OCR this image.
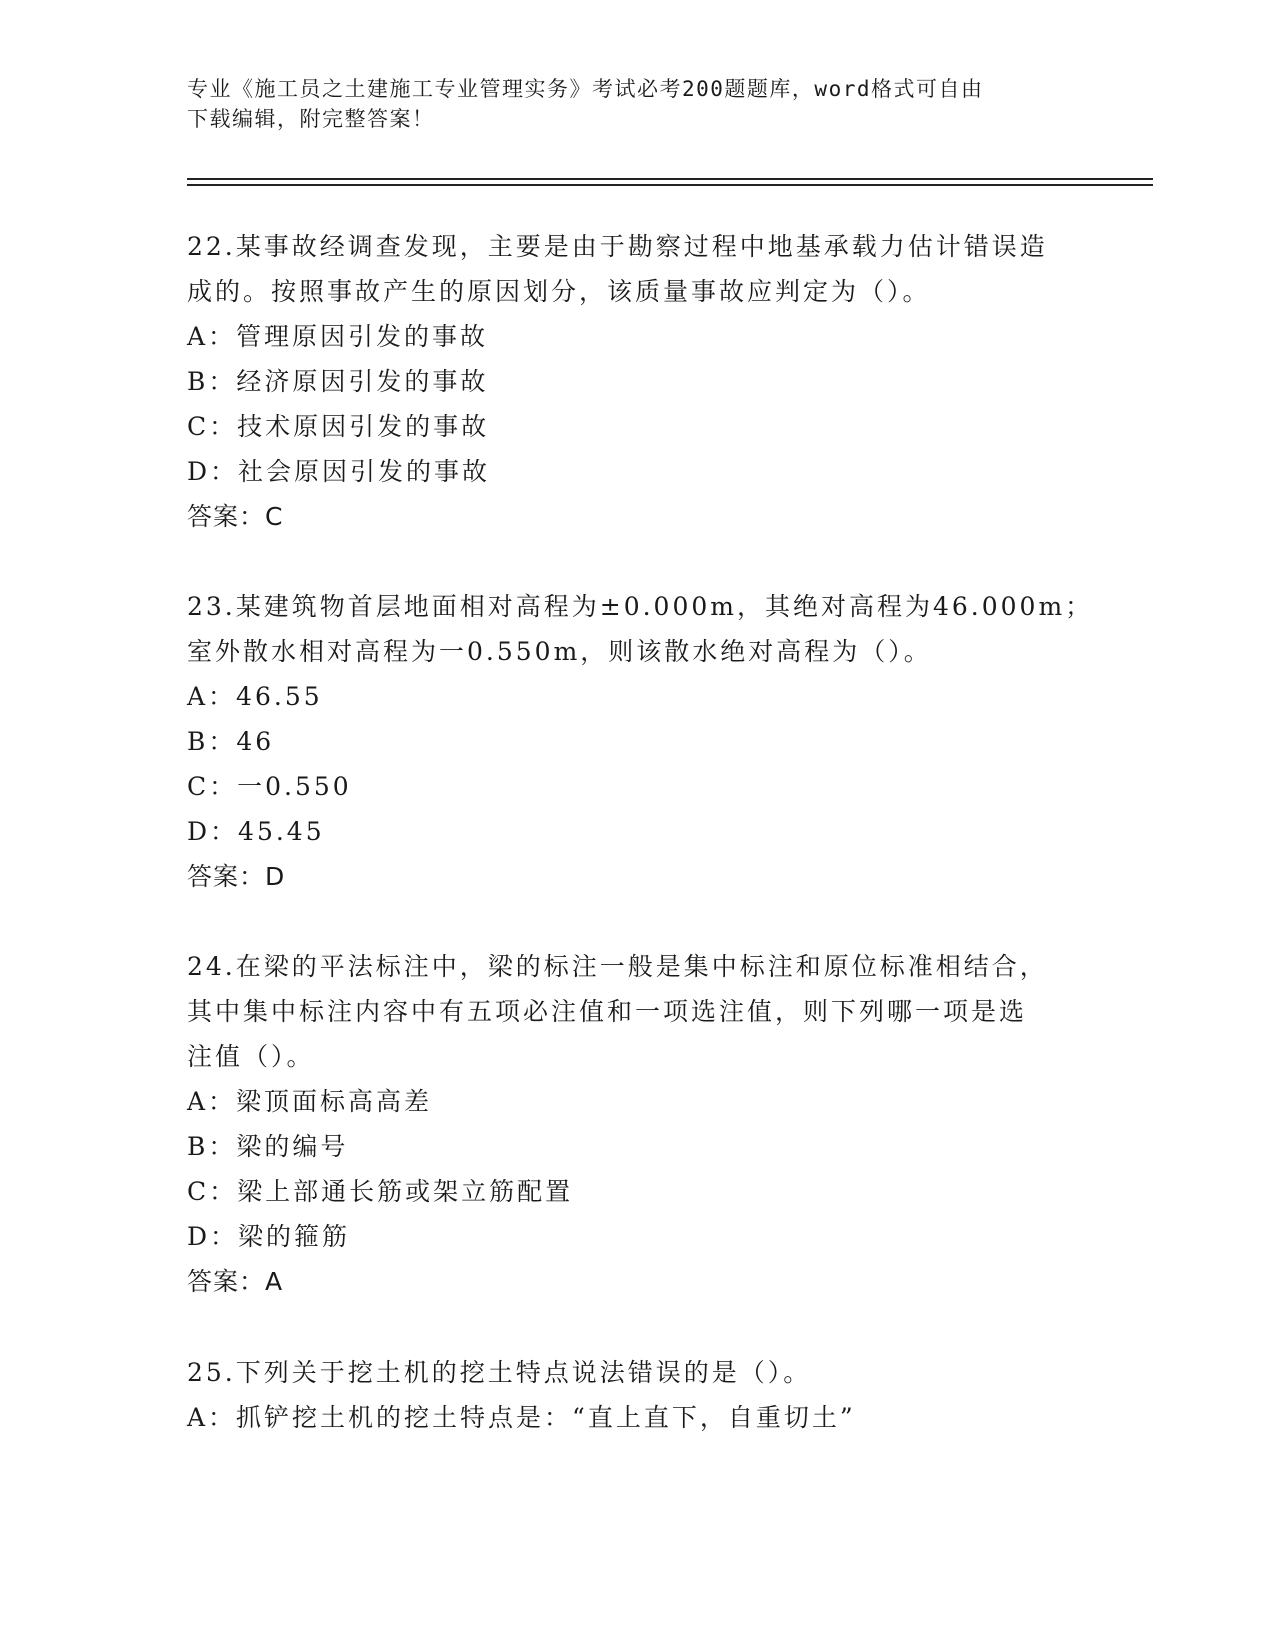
专业《施工员之土建施工专业管理实务》考试必考200题题库，word格式可自由
下载编辑，附完整答案！
22.某事故经调查发现，主要是由于勘察过程中地基承载力估计错误造
成的。按照事故产生的原因划分，该质量事故应判定为（）。
A：管理原因引发的事故
B：经济原因引发的事故
C：技术原因引发的事故
D：社会原因引发的事故
答案：C
23.某建筑物首层地面相对高程为±0.000m，其绝对高程为46.000m；
室外散水相对高程为一0.550m，则该散水绝对高程为（）。
A：46.55
B：46
C：一0.550
D：45.45
答案：D
24.在梁的平法标注中，梁的标注一般是集中标注和原位标准相结合，
其中集中标注内容中有五项必注值和一项选注值，则下列哪一项是选
注值（）。
A：梁顶面标高高差
B：梁的编号
C：梁上部通长筋或架立筋配置
D：梁的箍筋
答案：A
25.下列关于挖土机的挖土特点说法错误的是（）。
A：抓铲挖土机的挖土特点是：“直上直下，自重切土”
